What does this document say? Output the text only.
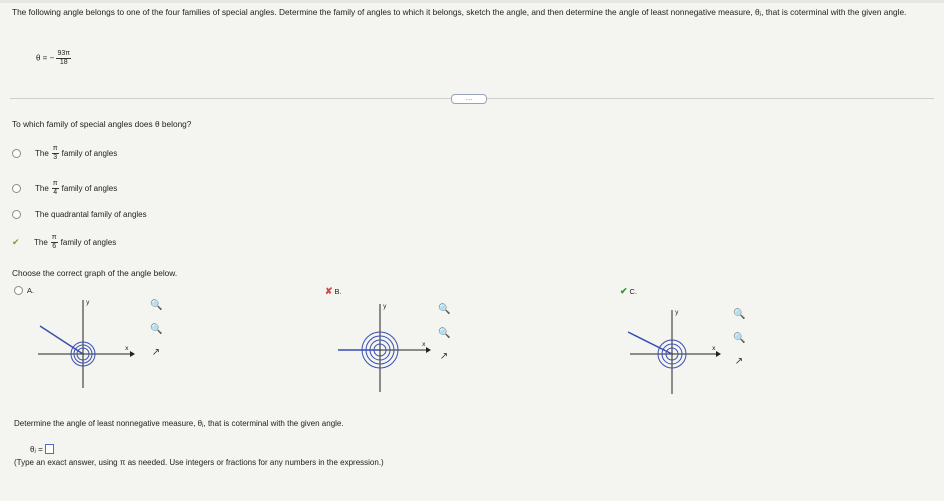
The following angle belongs to one of the four families of special angles. Determine the family of angles to which it belongs, sketch the angle, and then determine the angle of least nonnegative measure, θⱼ, that is coterminal with the given angle.
θ = − $\frac{93\pi}{18}$
…
To which family of special angles does θ belong?
The $\frac{\pi}{3}$ family of angles
The $\frac{\pi}{4}$ family of angles
The quadrantal family of angles
✔	The $\frac{\pi}{6}$ family of angles
Choose the correct graph of the angle below.
A.
y
x
🔍
🔍
↗
✘ B.
y
x
🔍
🔍
↗
✔ C.
y
x
🔍
🔍
↗
Determine the angle of least nonnegative measure, θⱼ, that is coterminal with the given angle.
θⱼ =
(Type an exact answer, using π as needed. Use integers or fractions for any numbers in the expression.)
